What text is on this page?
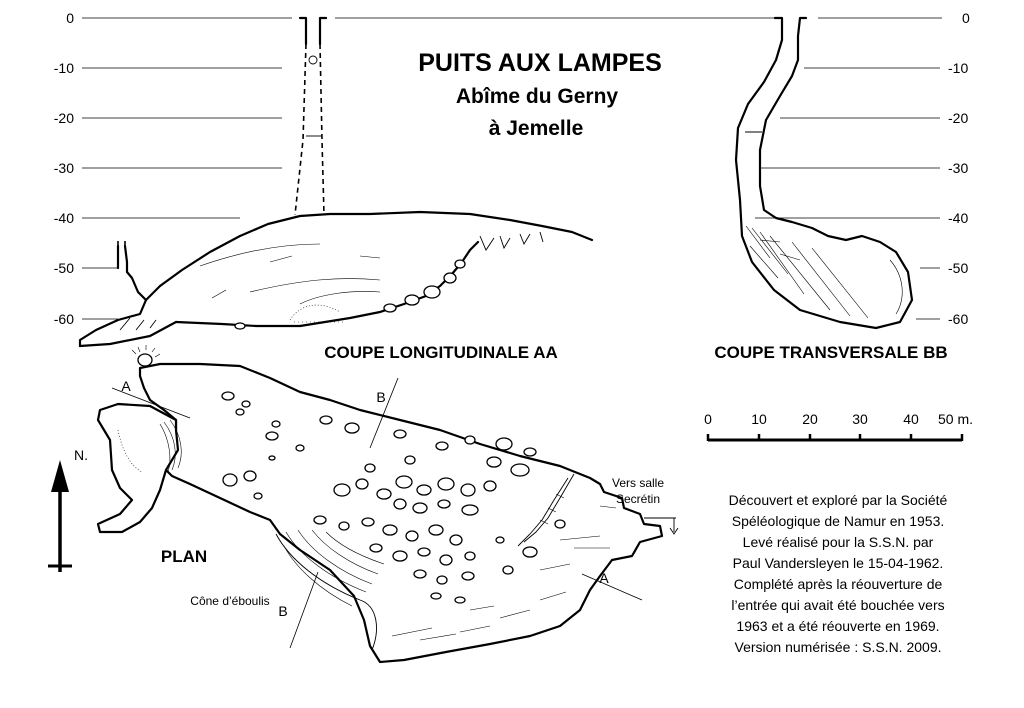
PUITS AUX LAMPES
Abîme du Gerny
à Jemelle
0
-10
-20
-30
-40
-50
-60
COUPE LONGITUDINALE AA
0
-10
-20
-30
-40
-50
-60
COUPE TRANSVERSALE BB
Vers salle
Secrétin
A
B
A
B
Cône d’éboulis
PLAN
N.
0	10	20 30	40 50 m.
Découvert et exploré par la Société
Spéléologique de Namur en 1953.
Levé réalisé pour la S.S.N. par
Paul Vandersleyen le 15-04-1962.
Complété après la réouverture de
l’entrée qui avait été bouchée vers
1963 et a été réouverte en 1969.
Version numérisée : S.S.N. 2009.
